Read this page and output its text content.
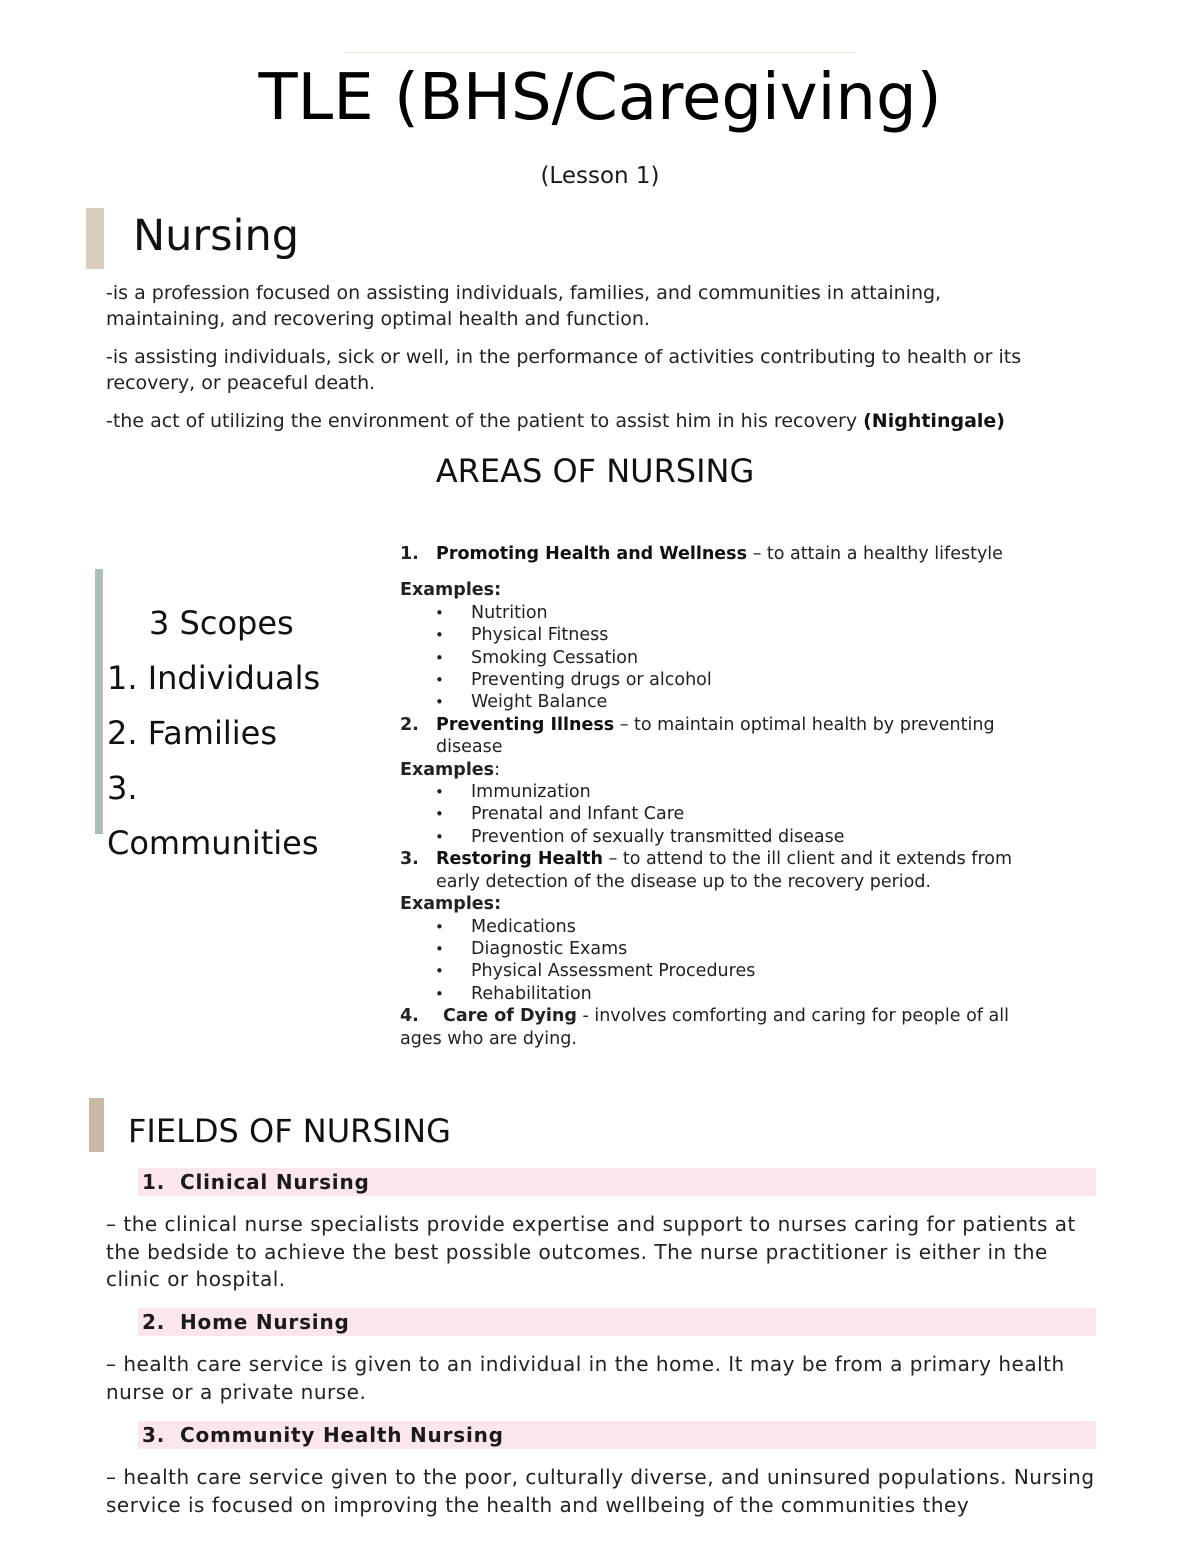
TLE (BHS/Caregiving)
(Lesson 1)
Nursing
-is a profession focused on assisting individuals, families, and communities in attaining, maintaining, and recovering optimal health and function.
-is assisting individuals, sick or well, in the performance of activities contributing to health or its recovery, or peaceful death.
-the act of utilizing the environment of the patient to assist him in his recovery (Nightingale)
AREAS OF NURSING
3 Scopes
1. Individuals
2. Families
3. Communities
1. Promoting Health and Wellness – to attain a healthy lifestyle
Examples:
• Nutrition
• Physical Fitness
• Smoking Cessation
• Preventing drugs or alcohol
• Weight Balance
2. Preventing Illness – to maintain optimal health by preventing disease
Examples:
• Immunization
• Prenatal and Infant Care
• Prevention of sexually transmitted disease
3. Restoring Health – to attend to the ill client and it extends from early detection of the disease up to the recovery period.
Examples:
• Medications
• Diagnostic Exams
• Physical Assessment Procedures
• Rehabilitation
4. Care of Dying - involves comforting and caring for people of all ages who are dying.
FIELDS OF NURSING
1. Clinical Nursing
– the clinical nurse specialists provide expertise and support to nurses caring for patients at the bedside to achieve the best possible outcomes. The nurse practitioner is either in the clinic or hospital.
2. Home Nursing
– health care service is given to an individual in the home. It may be from a primary health nurse or a private nurse.
3. Community Health Nursing
– health care service given to the poor, culturally diverse, and uninsured populations. Nursing service is focused on improving the health and wellbeing of the communities they
